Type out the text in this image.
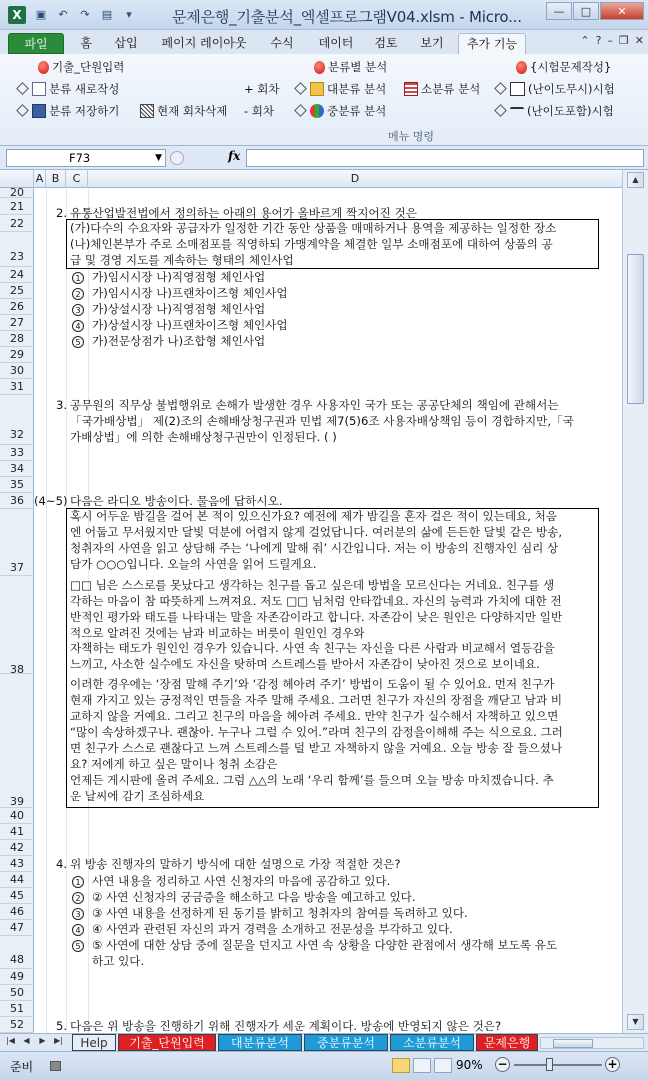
X	▣	↶	↷	▤	▾	문제은행_기출분석_엑셀프로그램V04.xlsm - Micro...	—	□	✕
파일	홈	삽입	페이지 레이아웃	수식	데이터	검토	보기	추가 기능	⌃ ? – ❐ ✕
기출_단원입력
분류 새로작성
분류 저장하기	현재 회차삭제
+ 회차
- 회차
분류별 분석
대분류 분석
중분류 분석
소분류 분석
{시험문제작성}
(난이도무시)시험
(난이도포함)시험
메뉴 명령
F73	▼	fx
A B	C	D
20
21
22
23
24
25
26
27
28
29
30
31
32
33
34
35
36
37
38
39
40
41
42
43
44
45
46
47
48
49
50
51
52
2. 유통산업발전법에서 정의하는 아래의 용어가 올바르게 짝지어진 것은
(가)다수의 수요자와 공급자가 일정한 기간 동안 상품을 매매하거나 용역을 제공하는 일정한 장소
(나)체인본부가 주로 소매점포를 직영하되 가맹계약을 체결한 일부 소매점포에 대하여 상품의 공
급 및 경영 지도를 계속하는 형태의 체인사업
1 가)임시시장 나)직영점형 체인사업
2 가)임시시장 나)프랜차이즈형 체인사업
3 가)상설시장 나)직영점형 체인사업
4 가)상설시장 나)프랜차이즈형 체인사업
5 가)전문상점가 나)조합형 체인사업
3. 공무원의 직무상 불법행위로 손해가 발생한 경우 사용자인 국가 또는 공공단체의 책임에 관해서는
「국가배상법」 제(2)조의 손해배상청구권과 민법 제7(5)6조 사용자배상책임 등이 경합하지만,「국
가배상법」에 의한 손해배상청구권만이 인정된다. ( )
(4~5) 다음은 라디오 방송이다. 물음에 답하시오.
혹시 어두운 밤길을 걸어 본 적이 있으신가요? 예전에 제가 밤길을 혼자 걸은 적이 있는데요, 처음
엔 어둡고 무서웠지만 달빛 덕분에 어렵지 않게 걸었답니다. 여러분의 삶에 든든한 달빛 같은 방송,
청취자의 사연을 읽고 상담해 주는 ‘나에게 말해 줘’ 시간입니다. 저는 이 방송의 진행자인 심리 상
담가 ○○○입니다. 오늘의 사연을 읽어 드릴게요.
□□ 님은 스스로를 못났다고 생각하는 친구를 돕고 싶은데 방법을 모르신다는 거네요. 친구를 생
각하는 마음이 참 따뜻하게 느껴져요. 저도 □□ 님처럼 안타깝네요. 자신의 능력과 가치에 대한 전
반적인 평가와 태도를 나타내는 말을 자존감이라고 합니다. 자존감이 낮은 원인은 다양하지만 일반
적으로 알려진 것에는 남과 비교하는 버릇이 원인인 경우와
자책하는 태도가 원인인 경우가 있습니다. 사연 속 친구는 자신을 다른 사람과 비교해서 열등감을
느끼고, 사소한 실수에도 자신을 탓하며 스트레스를 받아서 자존감이 낮아진 것으로 보이네요.
이러한 경우에는 ‘장점 말해 주기’와 ‘감정 헤아려 주기’ 방법이 도움이 될 수 있어요. 먼저 친구가
현재 가지고 있는 긍정적인 면들을 자주 말해 주세요. 그러면 친구가 자신의 장점을 깨닫고 남과 비
교하지 않을 거예요. 그리고 친구의 마음을 헤아려 주세요. 만약 친구가 실수해서 자책하고 있으면
“많이 속상하겠구나. 괜찮아. 누구나 그럴 수 있어.”라며 친구의 감정을이해해 주는 식으로요. 그러
면 친구가 스스로 괜찮다고 느껴 스트레스를 덜 받고 자책하지 않을 거예요. 오늘 방송 잘 들으셨나
요? 저에게 하고 싶은 말이나 청취 소감은
언제든 게시판에 올려 주세요. 그럼 △△의 노래 ‘우리 함께’를 들으며 오늘 방송 마치겠습니다. 추
운 날씨에 감기 조심하세요
4. 위 방송 진행자의 말하기 방식에 대한 설명으로 가장 적절한 것은?
1 사연 내용을 정리하고 사연 신청자의 마음에 공감하고 있다.
2 ② 사연 신청자의 궁금증을 해소하고 다음 방송을 예고하고 있다.
3 ③ 사연 내용을 선정하게 된 동기를 밝히고 청취자의 참여를 독려하고 있다.
4 ④ 사연과 관련된 자신의 과거 경력을 소개하고 전문성을 부각하고 있다.
5 ⑤ 사연에 대한 상담 중에 질문을 던지고 사연 속 상황을 다양한 관점에서 생각해 보도록 유도
하고 있다.
5. 다음은 위 방송을 진행하기 위해 진행자가 세운 계획이다. 방송에 반영되지 않은 것은?
▲
▼
|◀	◀	▶	▶|	Help	기출_단원입력	대분류분석	중분류분석	소분류분석	문제은행
준비	90% −	+
